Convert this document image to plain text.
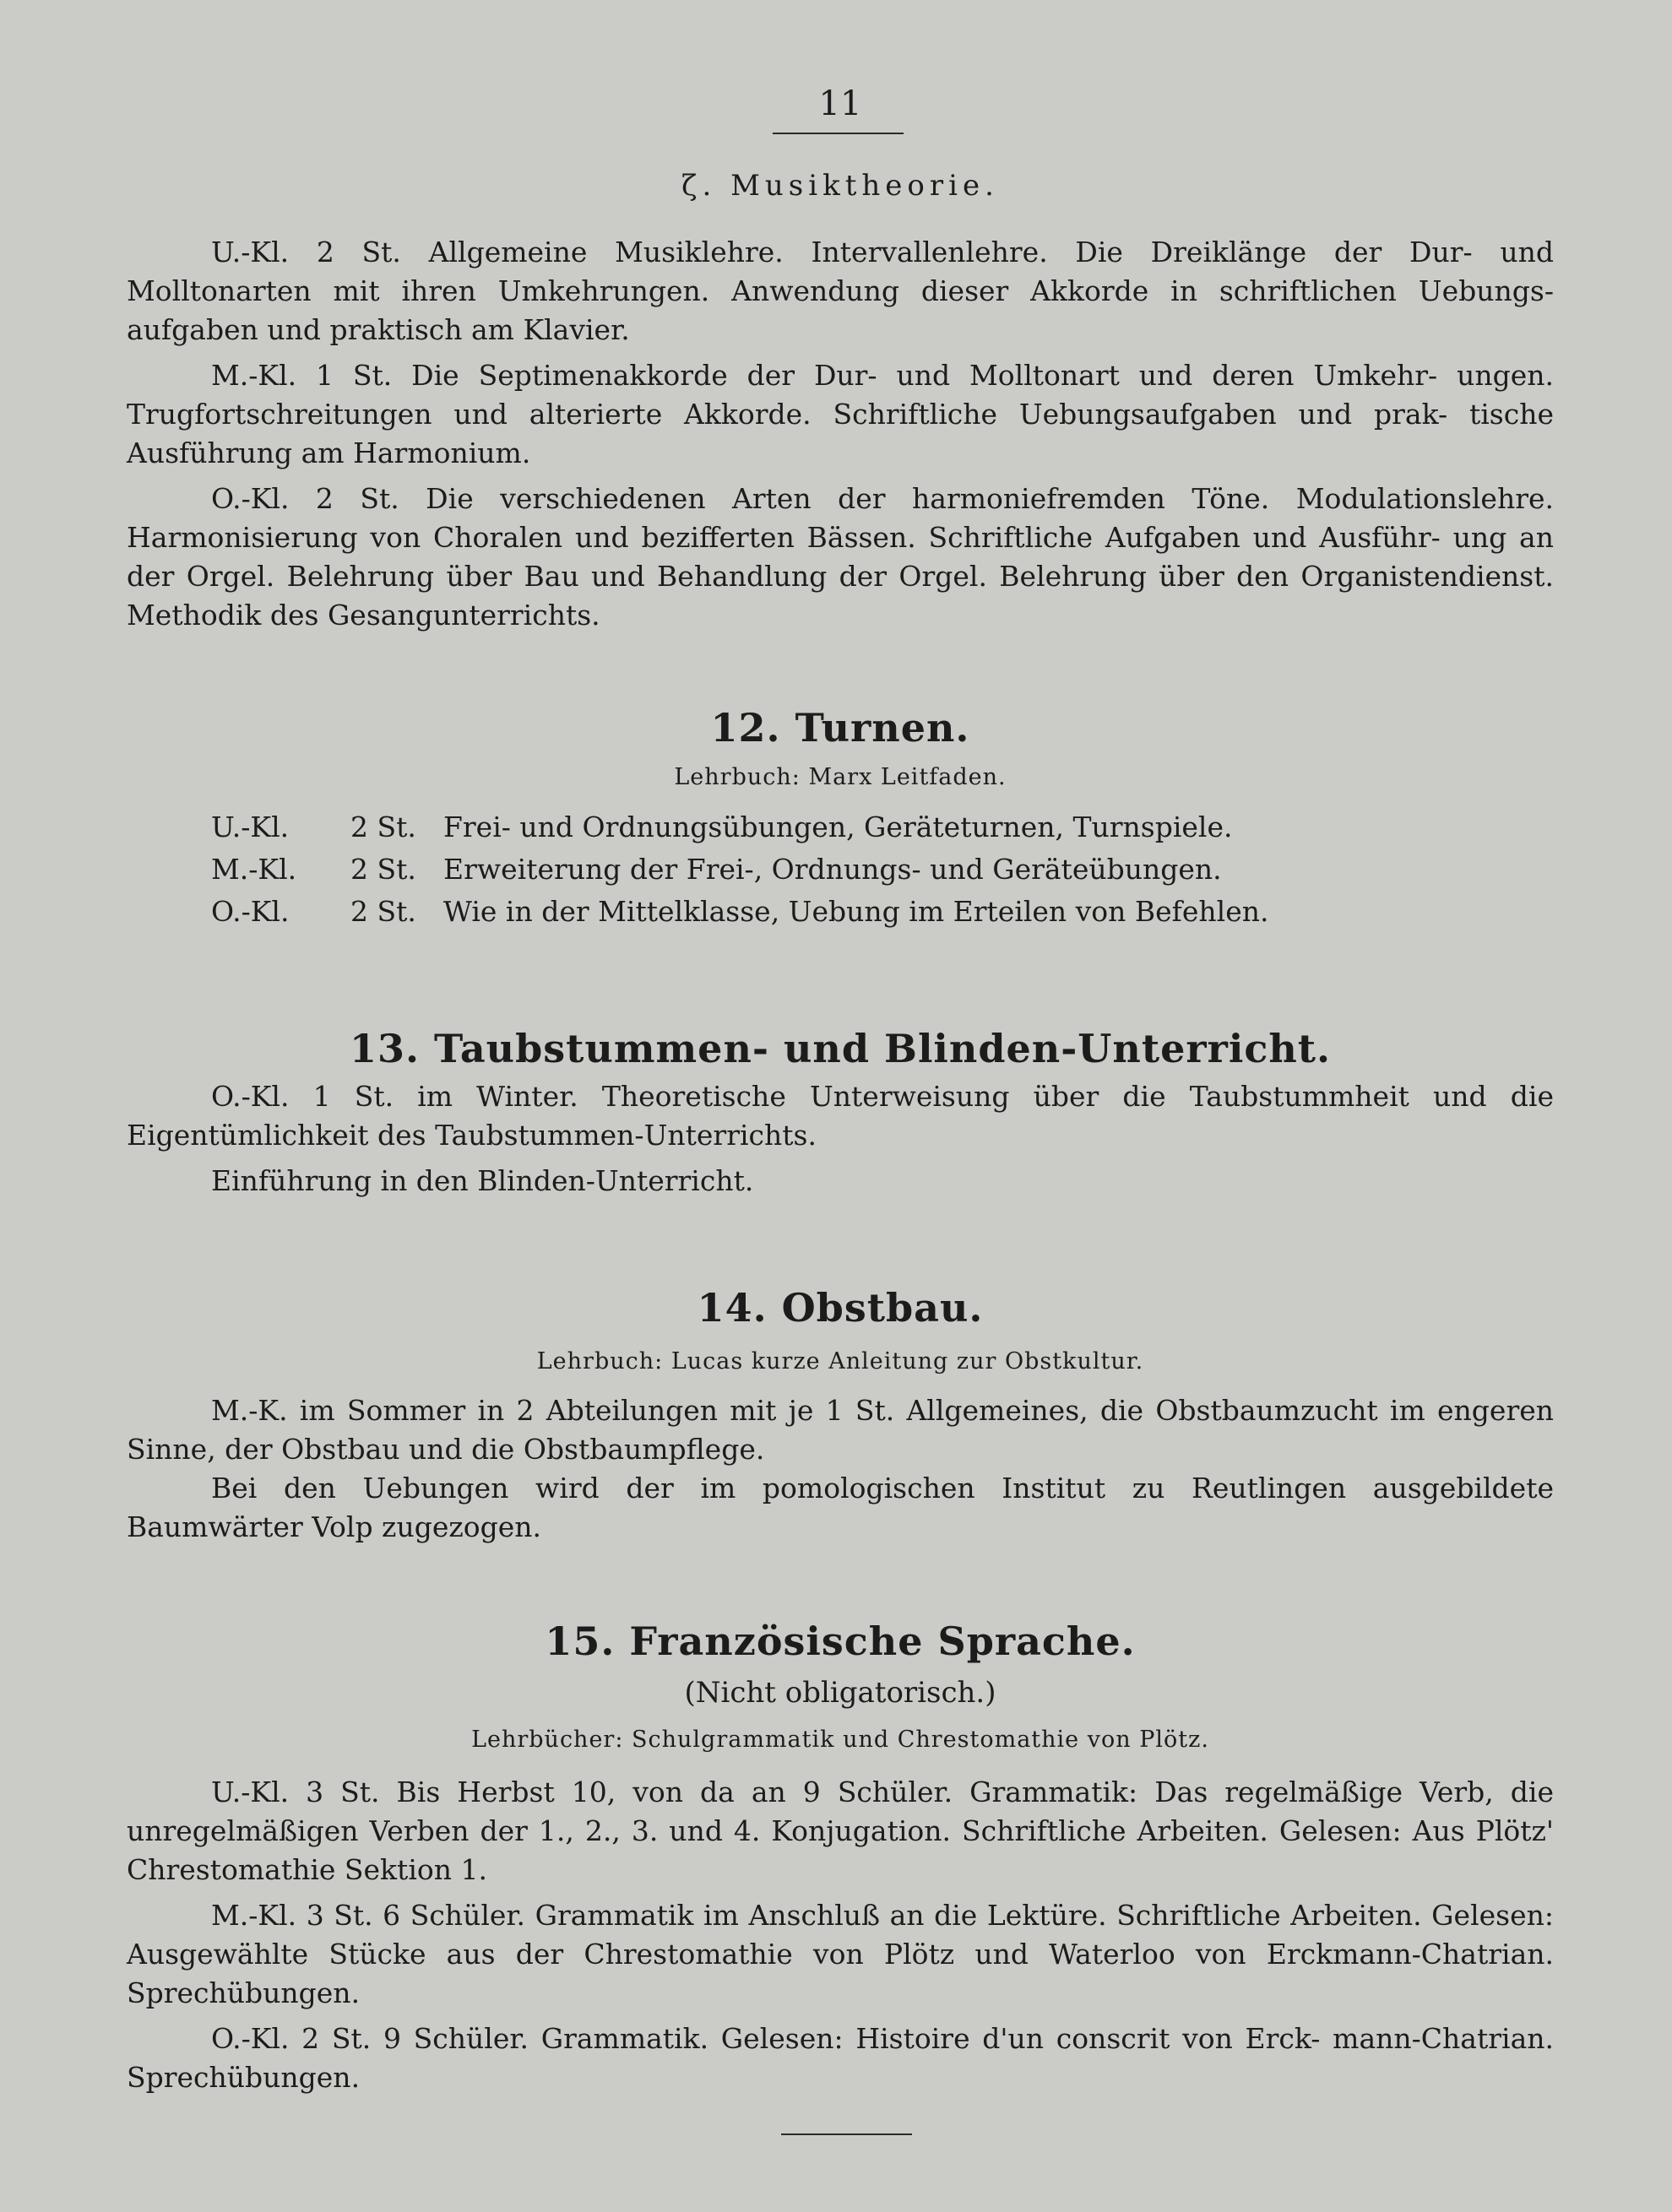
11
ζ. Musiktheorie.

U.-Kl. 2 St. Allgemeine Musiklehre. Intervallenlehre. Die Dreiklänge der Dur- und Molltonarten mit ihren Umkehrungen. Anwendung dieser Akkorde in schriftlichen Uebungs- aufgaben und praktisch am Klavier.

M.-Kl. 1 St. Die Septimenakkorde der Dur- und Molltonart und deren Umkehr- ungen. Trugfortschreitungen und alterierte Akkorde. Schriftliche Uebungsaufgaben und prak- tische Ausführung am Harmonium.

O.-Kl. 2 St. Die verschiedenen Arten der harmoniefremden Töne. Modulationslehre. Harmonisierung von Choralen und bezifferten Bässen. Schriftliche Aufgaben und Ausführ- ung an der Orgel. Belehrung über Bau und Behandlung der Orgel. Belehrung über den Organistendienst. Methodik des Gesangunterrichts.

12. Turnen.
Lehrbuch: Marx Leitfaden.
U.-Kl. 2 St. Frei- und Ordnungsübungen, Geräteturnen, Turnspiele.
M.-Kl. 2 St. Erweiterung der Frei-, Ordnungs- und Geräteübungen.
O.-Kl. 2 St. Wie in der Mittelklasse, Uebung im Erteilen von Befehlen.
13. Taubstummen- und Blinden-Unterricht.

O.-Kl. 1 St. im Winter. Theoretische Unterweisung über die Taubstummheit und die Eigentümlichkeit des Taubstummen-Unterrichts.

Einführung in den Blinden-Unterricht.

14. Obstbau.
Lehrbuch: Lucas kurze Anleitung zur Obstkultur.

M.-K. im Sommer in 2 Abteilungen mit je 1 St. Allgemeines, die Obstbaumzucht im engeren Sinne, der Obstbau und die Obstbaumpflege.

Bei den Uebungen wird der im pomologischen Institut zu Reutlingen ausgebildete Baumwärter Volp zugezogen.

15. Französische Sprache.
(Nicht obligatorisch.)
Lehrbücher: Schulgrammatik und Chrestomathie von Plötz.

U.-Kl. 3 St. Bis Herbst 10, von da an 9 Schüler. Grammatik: Das regelmäßige Verb, die unregelmäßigen Verben der 1., 2., 3. und 4. Konjugation. Schriftliche Arbeiten. Gelesen: Aus Plötz' Chrestomathie Sektion 1.

M.-Kl. 3 St. 6 Schüler. Grammatik im Anschluß an die Lektüre. Schriftliche Arbeiten. Gelesen: Ausgewählte Stücke aus der Chrestomathie von Plötz und Waterloo von Erckmann-Chatrian. Sprechübungen.

O.-Kl. 2 St. 9 Schüler. Grammatik. Gelesen: Histoire d'un conscrit von Erck- mann-Chatrian. Sprechübungen.
